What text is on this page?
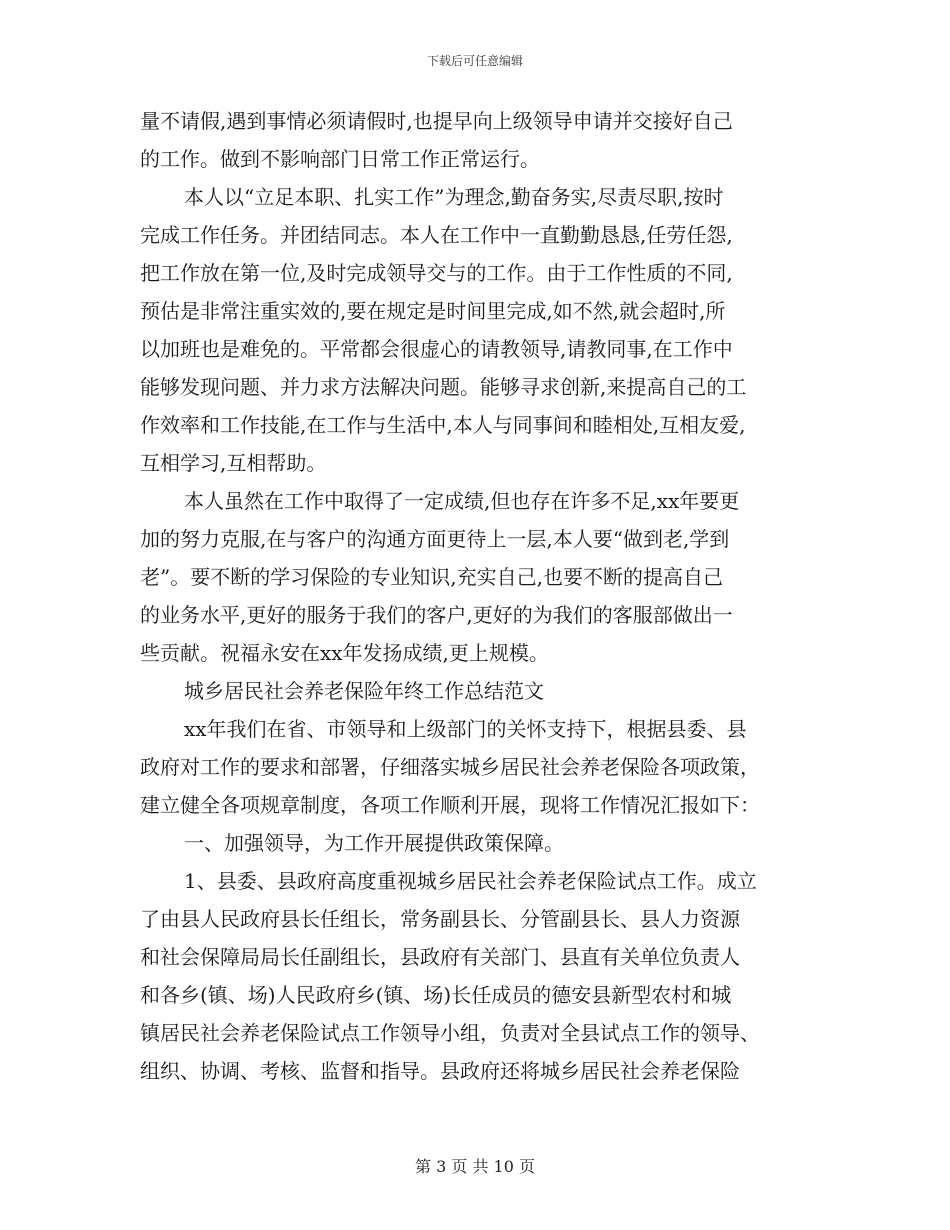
下载后可任意编辑
量不请假,遇到事情必须请假时,也提早向上级领导申请并交接好自己
的工作。做到不影响部门日常工作正常运行。
本人以“立足本职、扎实工作”为理念,勤奋务实,尽责尽职,按时
完成工作任务。并团结同志。本人在工作中一直勤勤恳恳,任劳任怨,
把工作放在第一位,及时完成领导交与的工作。由于工作性质的不同,
预估是非常注重实效的,要在规定是时间里完成,如不然,就会超时,所
以加班也是难免的。平常都会很虚心的请教领导,请教同事,在工作中
能够发现问题、并力求方法解决问题。能够寻求创新,来提高自己的工
作效率和工作技能,在工作与生活中,本人与同事间和睦相处,互相友爱,
互相学习,互相帮助。
本人虽然在工作中取得了一定成绩,但也存在许多不足,xx年要更
加的努力克服,在与客户的沟通方面更待上一层,本人要“做到老,学到
老”。要不断的学习保险的专业知识,充实自己,也要不断的提高自己
的业务水平,更好的服务于我们的客户,更好的为我们的客服部做出一
些贡献。祝福永安在xx年发扬成绩,更上规模。
城乡居民社会养老保险年终工作总结范文
xx年我们在省、市领导和上级部门的关怀支持下，根据县委、县
政府对工作的要求和部署，仔细落实城乡居民社会养老保险各项政策，
建立健全各项规章制度，各项工作顺利开展，现将工作情况汇报如下：
一、加强领导，为工作开展提供政策保障。
1、县委、县政府高度重视城乡居民社会养老保险试点工作。成立
了由县人民政府县长任组长，常务副县长、分管副县长、县人力资源
和社会保障局局长任副组长，县政府有关部门、县直有关单位负责人
和各乡(镇、场)人民政府乡(镇、场)长任成员的德安县新型农村和城
镇居民社会养老保险试点工作领导小组，负责对全县试点工作的领导、
组织、协调、考核、监督和指导。县政府还将城乡居民社会养老保险
第 3 页 共 10 页
